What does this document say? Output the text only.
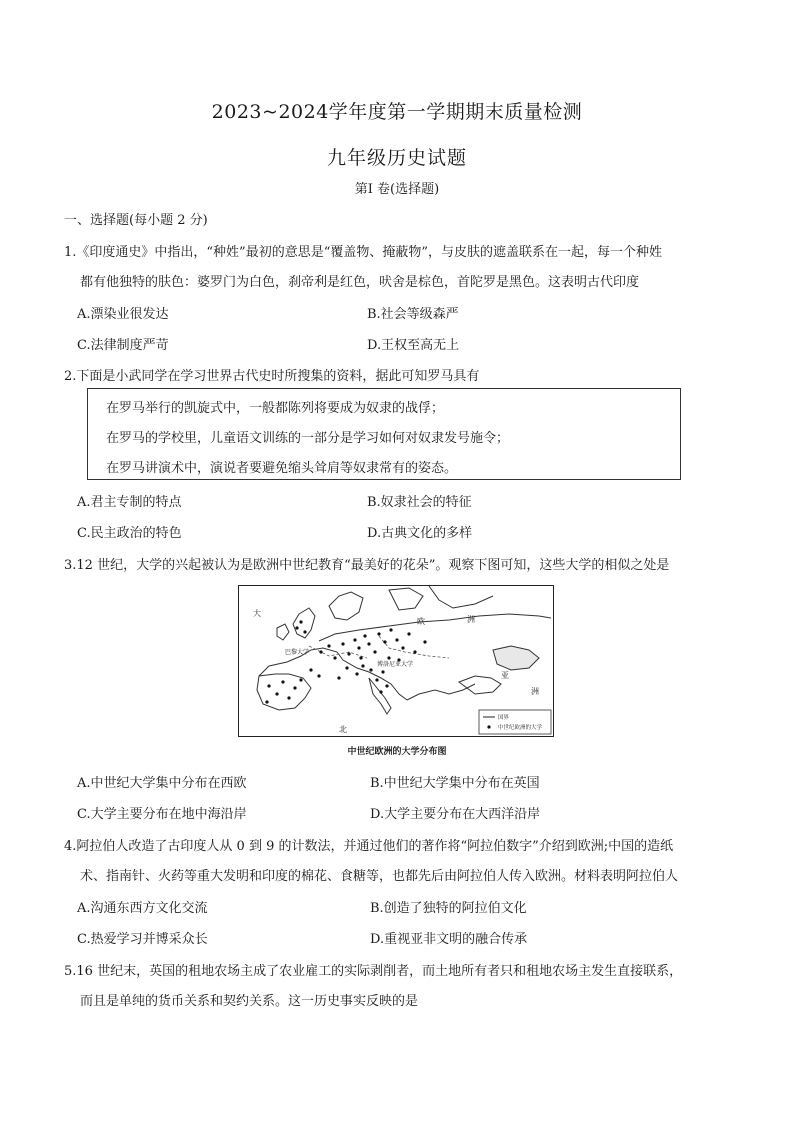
2023~2024学年度第一学期期末质量检测
九年级历史试题
第Ⅰ 卷(选择题)
一、选择题(每小题 2 分)
1.《印度通史》中指出，“种姓”最初的意思是“覆盖物、掩蔽物”，与皮肤的遮盖联系在一起，每一个种姓
都有他独特的肤色：婆罗门为白色，刹帝利是红色，吠舍是棕色，首陀罗是黑色。这表明古代印度
A.漂染业很发达	B.社会等级森严
C.法律制度严苛	D.王权至高无上
2.下面是小武同学在学习世界古代史时所搜集的资料，据此可知罗马具有
在罗马举行的凯旋式中，一般都陈列将要成为奴隶的战俘；
在罗马的学校里，儿童语文训练的一部分是学习如何对奴隶发号施令；
在罗马讲演术中，演说者要避免缩头耸肩等奴隶常有的姿态。
A.君主专制的特点	B.奴隶社会的特征
C.民主政治的特色	D.古典文化的多样
3.12 世纪，大学的兴起被认为是欧洲中世纪教育“最美好的花朵”。观察下图可知，这些大学的相似之处是
大
巴黎大学
博洛尼亚大学
欧	洲
亚
洲
北
国界
中世纪欧洲的大学
中世纪欧洲的大学分布图
A.中世纪大学集中分布在西欧	B.中世纪大学集中分布在英国
C.大学主要分布在地中海沿岸	D.大学主要分布在大西洋沿岸
4.阿拉伯人改造了古印度人从 0 到 9 的计数法，并通过他们的著作将“阿拉伯数字”介绍到欧洲;中国的造纸
术、指南针、火药等重大发明和印度的棉花、食糖等，也都先后由阿拉伯人传入欧洲。材料表明阿拉伯人
A.沟通东西方文化交流	B.创造了独特的阿拉伯文化
C.热爱学习并博采众长	D.重视亚非文明的融合传承
5.16 世纪末，英国的租地农场主成了农业雇工的实际剥削者，而土地所有者只和租地农场主发生直接联系，
而且是单纯的货币关系和契约关系。这一历史事实反映的是
